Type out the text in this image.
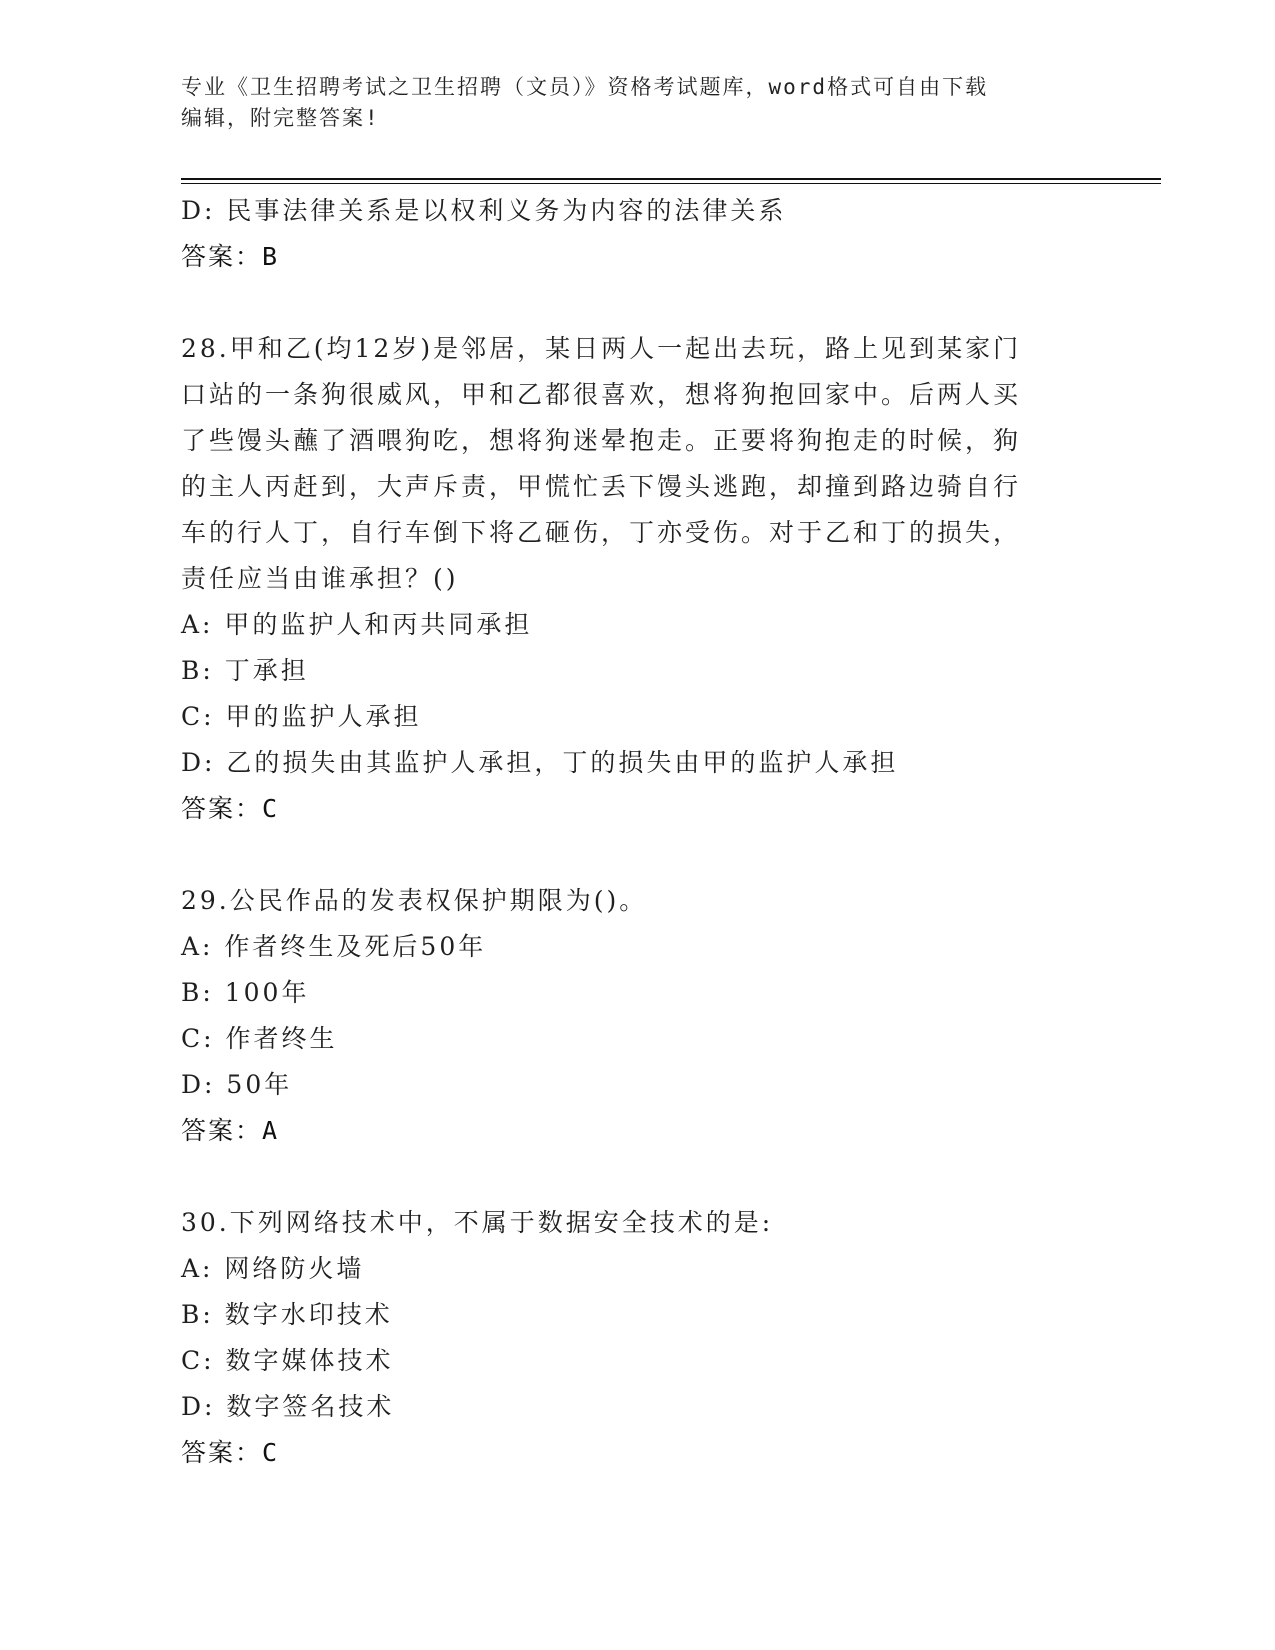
专业《卫生招聘考试之卫生招聘（文员）》资格考试题库，word格式可自由下载
编辑，附完整答案!
D: 民事法律关系是以权利义务为内容的法律关系
答案：B
28.甲和乙(均12岁)是邻居，某日两人一起出去玩，路上见到某家门
口站的一条狗很威风，甲和乙都很喜欢，想将狗抱回家中。后两人买
了些馒头蘸了酒喂狗吃，想将狗迷晕抱走。正要将狗抱走的时候，狗
的主人丙赶到，大声斥责，甲慌忙丢下馒头逃跑，却撞到路边骑自行
车的行人丁，自行车倒下将乙砸伤，丁亦受伤。对于乙和丁的损失，
责任应当由谁承担？()
A: 甲的监护人和丙共同承担
B: 丁承担
C: 甲的监护人承担
D: 乙的损失由其监护人承担，丁的损失由甲的监护人承担
答案：C
29.公民作品的发表权保护期限为()。
A: 作者终生及死后50年
B: 100年
C: 作者终生
D: 50年
答案：A
30.下列网络技术中，不属于数据安全技术的是:
A: 网络防火墙
B: 数字水印技术
C: 数字媒体技术
D: 数字签名技术
答案：C
